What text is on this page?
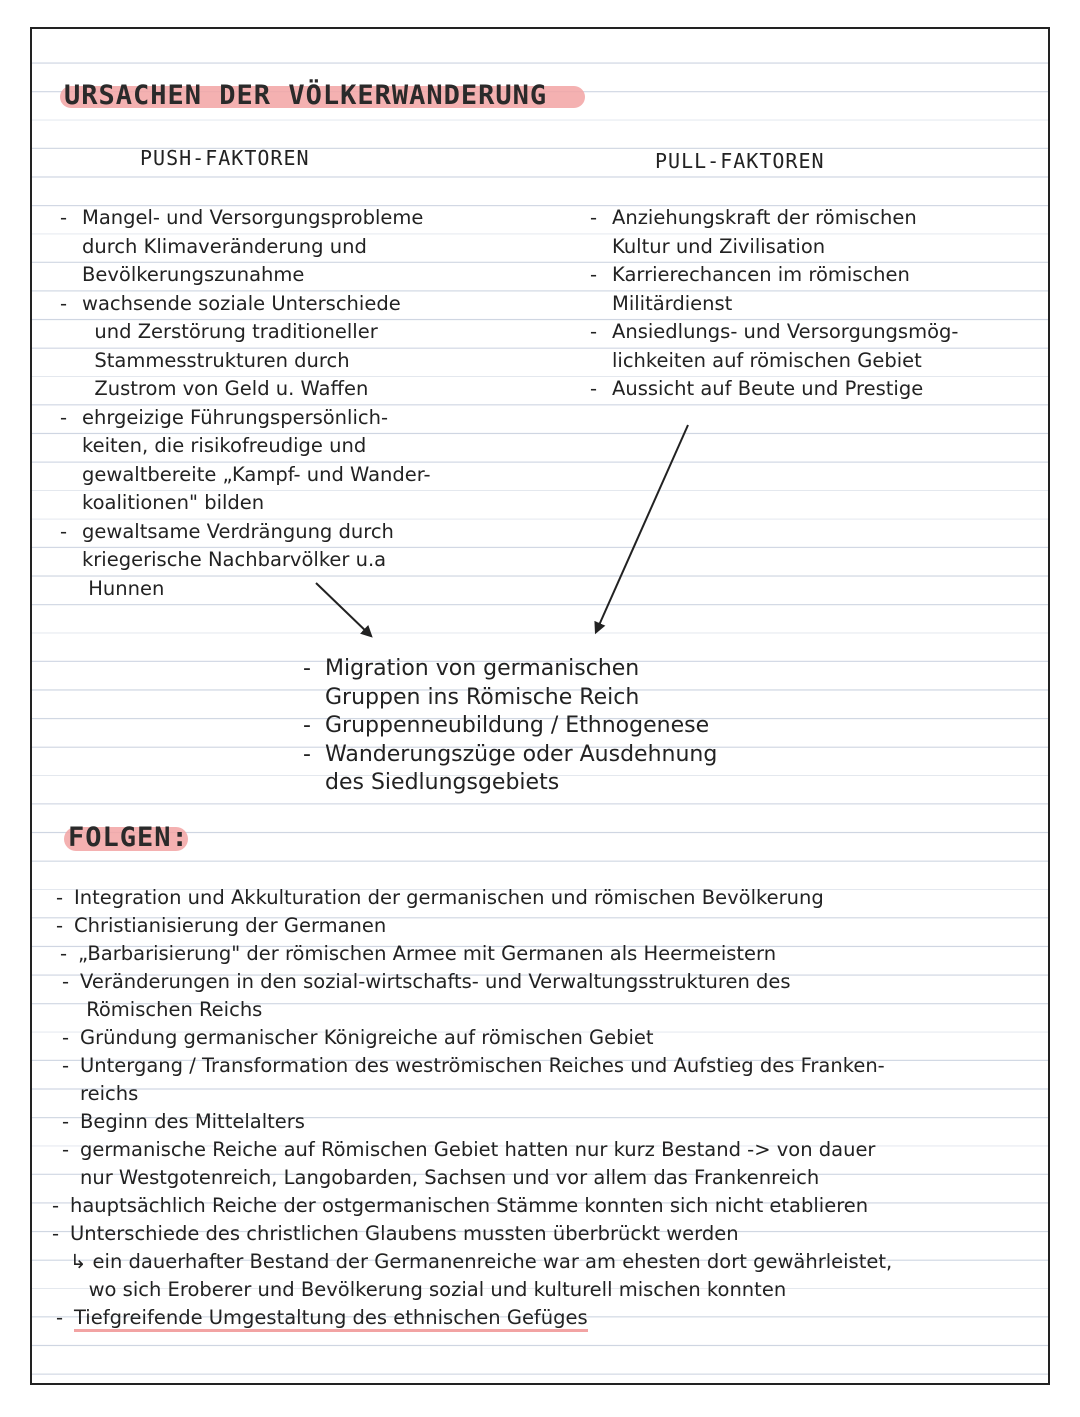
URSACHEN DER VÖLKERWANDERUNG
PUSH-FAKTOREN	PULL-FAKTOREN
- Mangel- und Versorgungsprobleme
durch Klimaveränderung und
Bevölkerungszunahme
- wachsende soziale Unterschiede
und Zerstörung traditioneller
Stammesstrukturen durch
Zustrom von Geld u. Waffen
- ehrgeizige Führungspersönlich-
keiten, die risikofreudige und
gewaltbereite „Kampf- und Wander-
koalitionen" bilden
- gewaltsame Verdrängung durch
kriegerische Nachbarvölker u.a
Hunnen
- Anziehungskraft der römischen
Kultur und Zivilisation
- Karrierechancen im römischen
Militärdienst
- Ansiedlungs- und Versorgungsmög-
lichkeiten auf römischen Gebiet
- Aussicht auf Beute und Prestige
- Migration von germanischen
Gruppen ins Römische Reich
- Gruppenneubildung / Ethnogenese
- Wanderungszüge oder Ausdehnung
des Siedlungsgebiets
FOLGEN:
- Integration und Akkulturation der germanischen und römischen Bevölkerung
- Christianisierung der Germanen
- „Barbarisierung" der römischen Armee mit Germanen als Heermeistern
- Veränderungen in den sozial-wirtschafts- und Verwaltungsstrukturen des
Römischen Reichs
- Gründung germanischer Königreiche auf römischen Gebiet
- Untergang / Transformation des weströmischen Reiches und Aufstieg des Franken-
reichs
- Beginn des Mittelalters
- germanische Reiche auf Römischen Gebiet hatten nur kurz Bestand -> von dauer
nur Westgotenreich, Langobarden, Sachsen und vor allem das Frankenreich
- hauptsächlich Reiche der ostgermanischen Stämme konnten sich nicht etablieren
- Unterschiede des christlichen Glaubens mussten überbrückt werden
↳ ein dauerhafter Bestand der Germanenreiche war am ehesten dort gewährleistet,
wo sich Eroberer und Bevölkerung sozial und kulturell mischen konnten
- Tiefgreifende Umgestaltung des ethnischen Gefüges
